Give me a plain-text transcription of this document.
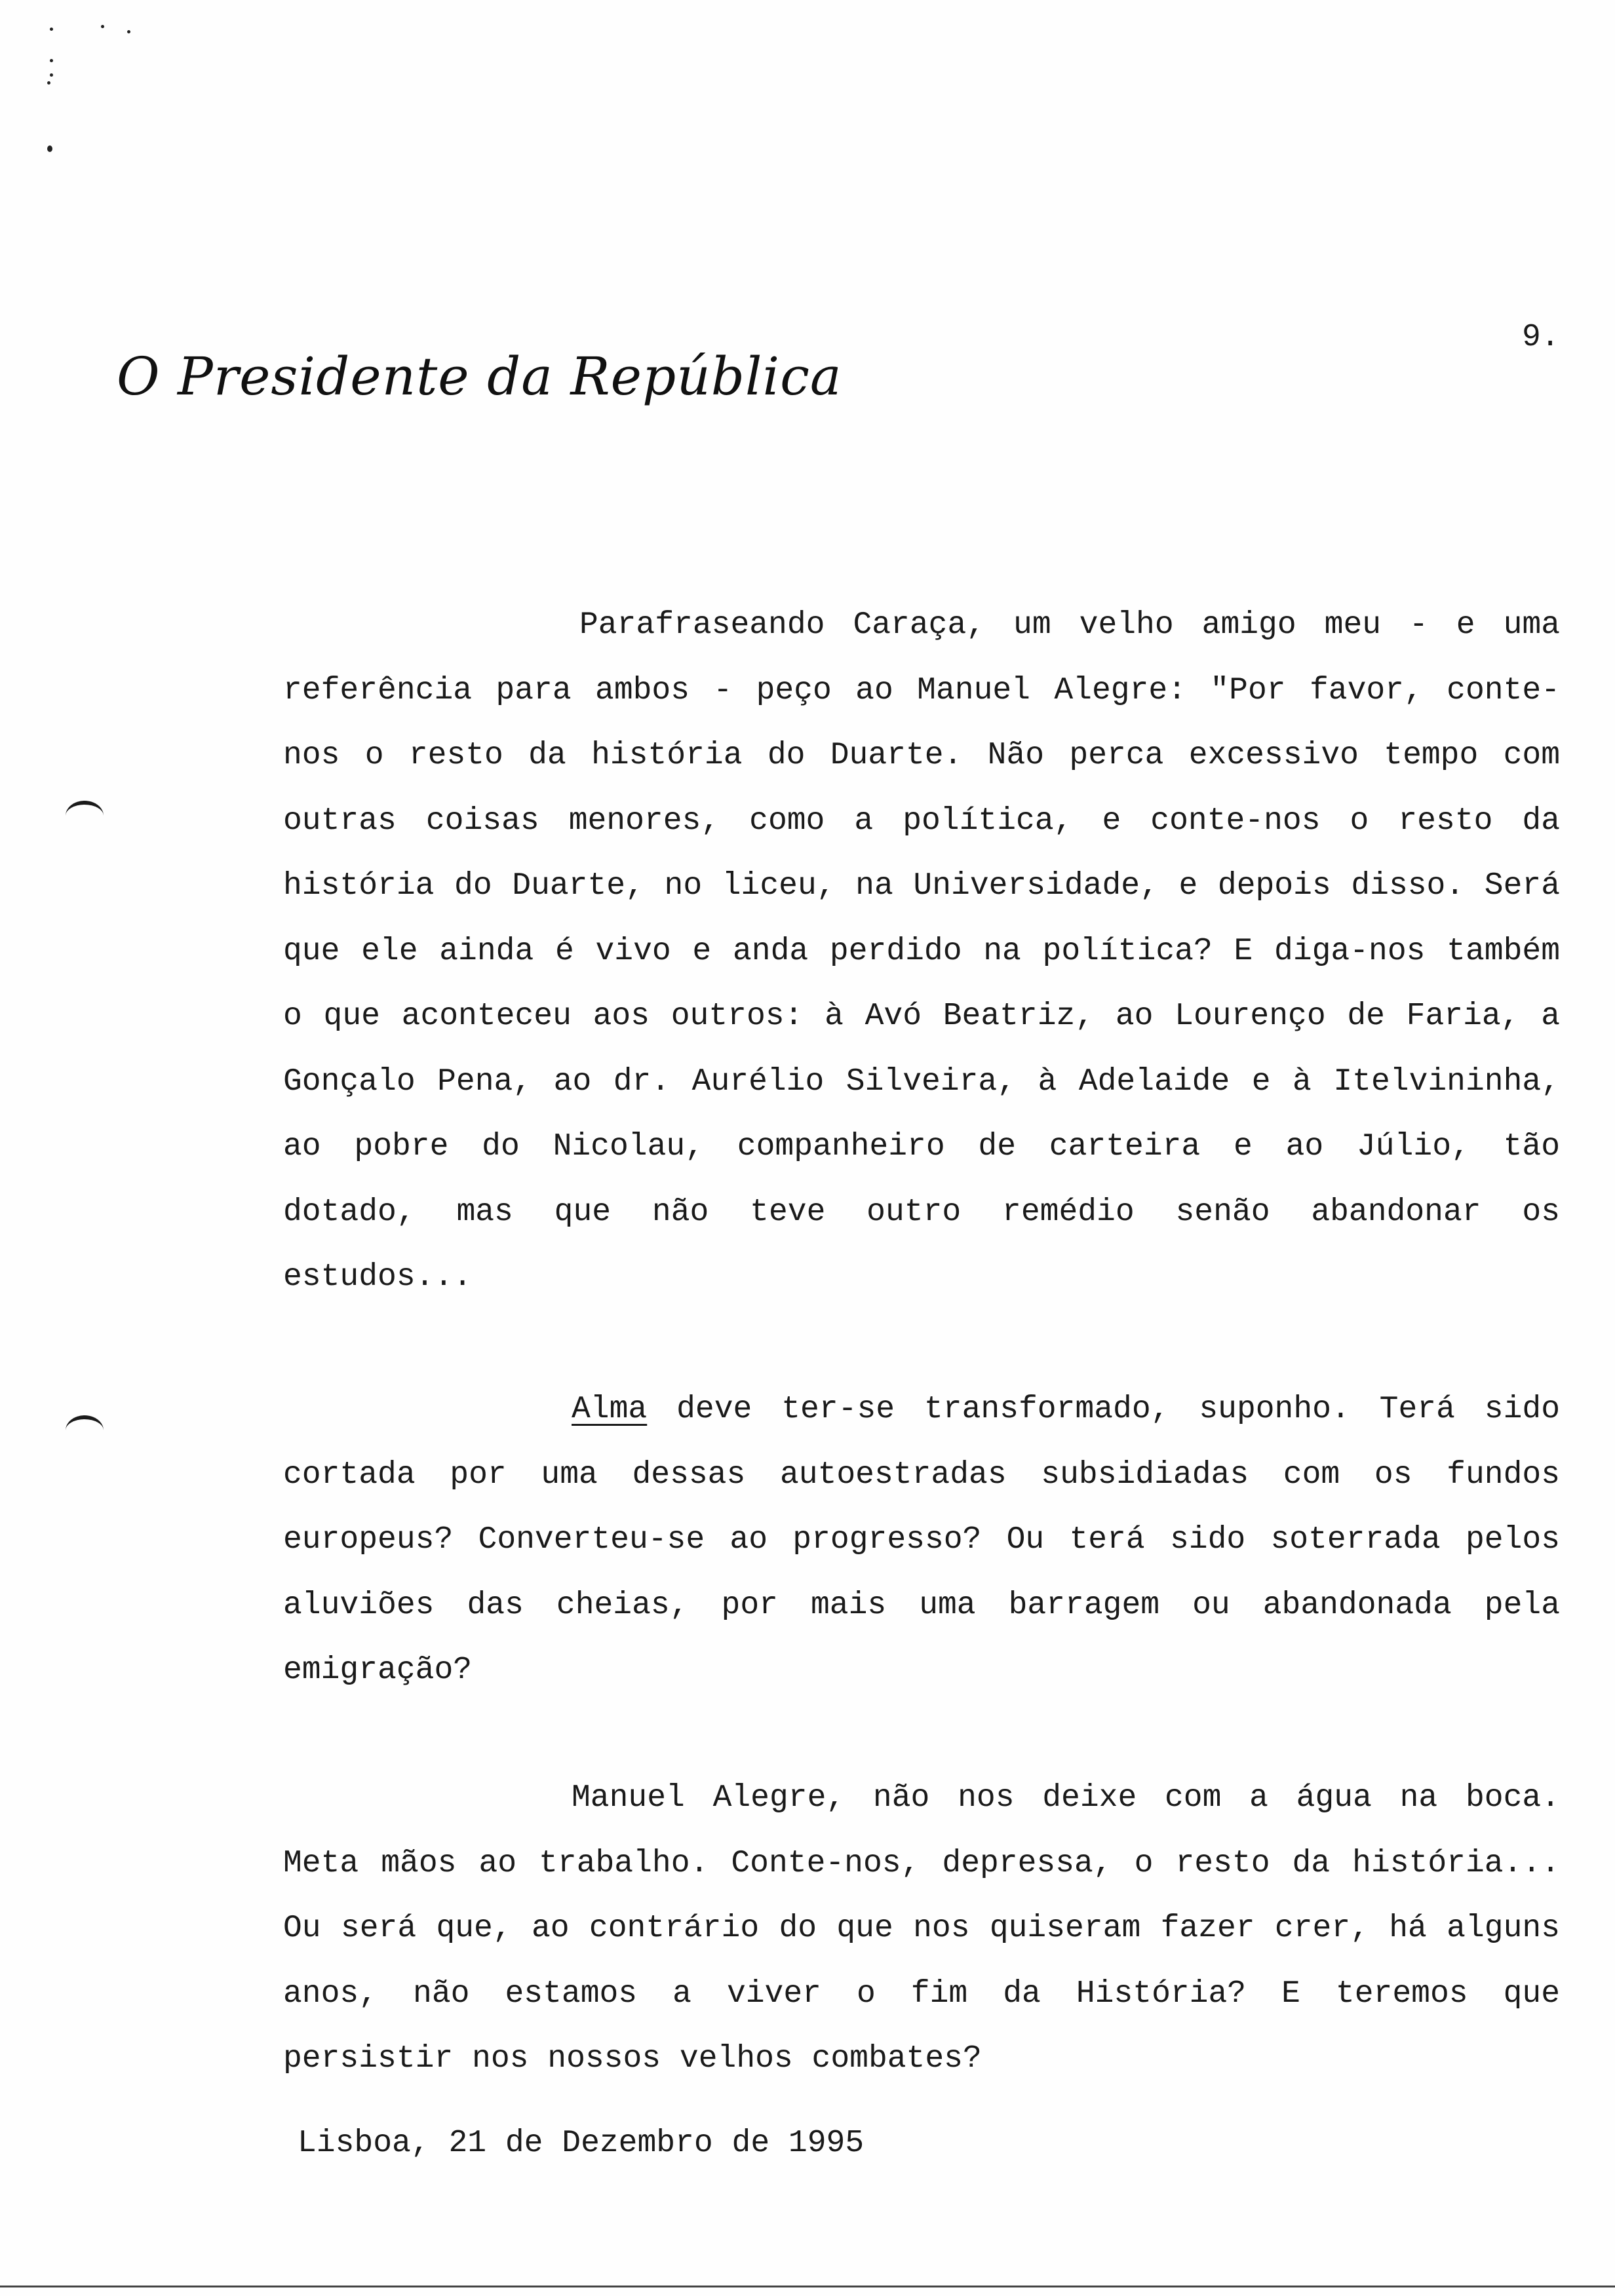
O Presidente da República
9.

Parafraseando Caraça, um velho amigo meu - e uma referência para ambos - peço ao Manuel Alegre: "Por favor, conte-nos o resto da história do Duarte. Não perca excessivo tempo com outras coisas menores, como a política, e conte-nos o resto da história do Duarte, no liceu, na Universidade, e depois disso. Será que ele ainda é vivo e anda perdido na política? E diga-nos também o que aconteceu aos outros: à Avó Beatriz, ao Lourenço de Faria, a Gonçalo Pena, ao dr. Aurélio Silveira, à Adelaide e à Itelvininha, ao pobre do Nicolau, companheiro de carteira e ao Júlio, tão dotado, mas que não teve outro remédio senão abandonar os estudos...

Alma deve ter-se transformado, suponho. Terá sido cortada por uma dessas autoestradas subsidiadas com os fundos europeus? Converteu-se ao progresso? Ou terá sido soterrada pelos aluviões das cheias, por mais uma barragem ou abandonada pela emigração?

Manuel Alegre, não nos deixe com a água na boca. Meta mãos ao trabalho. Conte-nos, depressa, o resto da história... Ou será que, ao contrário do que nos quiseram fazer crer, há alguns anos, não estamos a viver o fim da História? E teremos que persistir nos nossos velhos combates?

Lisboa, 21 de Dezembro de 1995
